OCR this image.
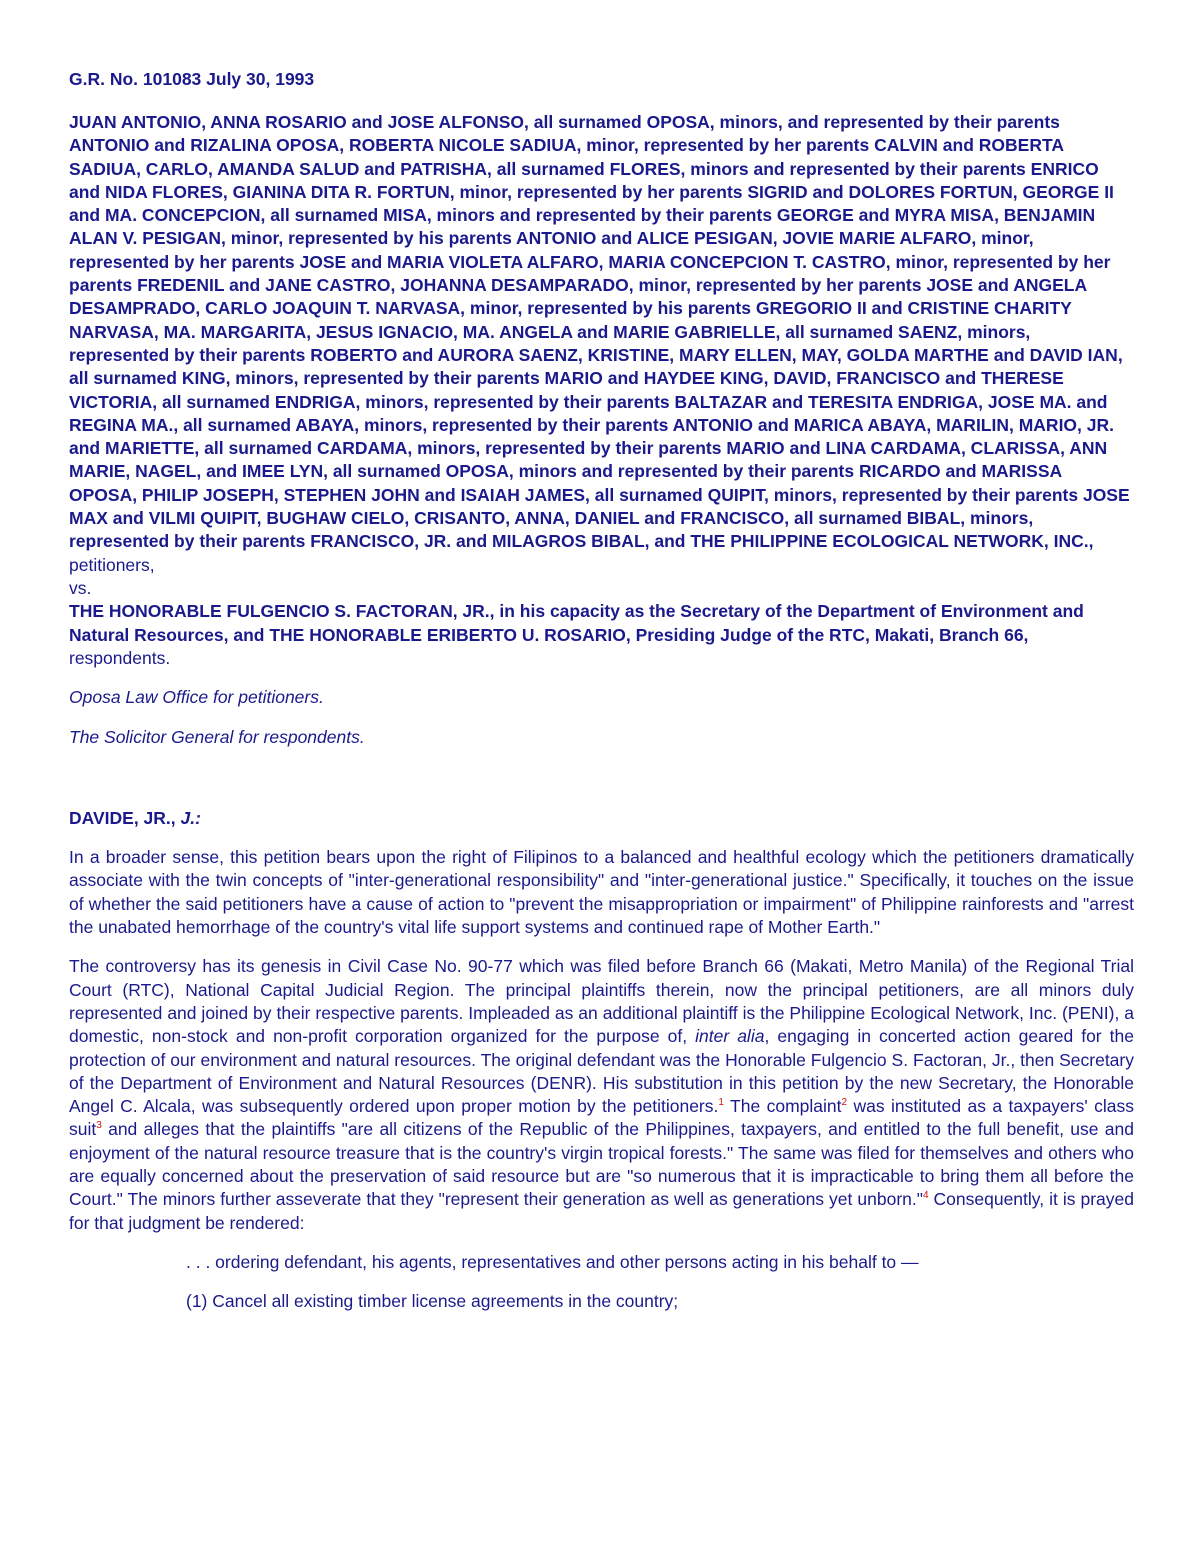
G.R. No. 101083 July 30, 1993

JUAN ANTONIO, ANNA ROSARIO and JOSE ALFONSO, all surnamed OPOSA, minors, and represented by their parents ANTONIO and RIZALINA OPOSA, ROBERTA NICOLE SADIUA, minor, represented by her parents CALVIN and ROBERTA SADIUA, CARLO, AMANDA SALUD and PATRISHA, all surnamed FLORES, minors and represented by their parents ENRICO and NIDA FLORES, GIANINA DITA R. FORTUN, minor, represented by her parents SIGRID and DOLORES FORTUN, GEORGE II and MA. CONCEPCION, all surnamed MISA, minors and represented by their parents GEORGE and MYRA MISA, BENJAMIN ALAN V. PESIGAN, minor, represented by his parents ANTONIO and ALICE PESIGAN, JOVIE MARIE ALFARO, minor, represented by her parents JOSE and MARIA VIOLETA ALFARO, MARIA CONCEPCION T. CASTRO, minor, represented by her parents FREDENIL and JANE CASTRO, JOHANNA DESAMPARADO, minor, represented by her parents JOSE and ANGELA DESAMPRADO, CARLO JOAQUIN T. NARVASA, minor, represented by his parents GREGORIO II and CRISTINE CHARITY NARVASA, MA. MARGARITA, JESUS IGNACIO, MA. ANGELA and MARIE GABRIELLE, all surnamed SAENZ, minors, represented by their parents ROBERTO and AURORA SAENZ, KRISTINE, MARY ELLEN, MAY, GOLDA MARTHE and DAVID IAN, all surnamed KING, minors, represented by their parents MARIO and HAYDEE KING, DAVID, FRANCISCO and THERESE VICTORIA, all surnamed ENDRIGA, minors, represented by their parents BALTAZAR and TERESITA ENDRIGA, JOSE MA. and REGINA MA., all surnamed ABAYA, minors, represented by their parents ANTONIO and MARICA ABAYA, MARILIN, MARIO, JR. and MARIETTE, all surnamed CARDAMA, minors, represented by their parents MARIO and LINA CARDAMA, CLARISSA, ANN MARIE, NAGEL, and IMEE LYN, all surnamed OPOSA, minors and represented by their parents RICARDO and MARISSA OPOSA, PHILIP JOSEPH, STEPHEN JOHN and ISAIAH JAMES, all surnamed QUIPIT, minors, represented by their parents JOSE MAX and VILMI QUIPIT, BUGHAW CIELO, CRISANTO, ANNA, DANIEL and FRANCISCO, all surnamed BIBAL, minors, represented by their parents FRANCISCO, JR. and MILAGROS BIBAL, and THE PHILIPPINE ECOLOGICAL NETWORK, INC., petitioners,
vs.
THE HONORABLE FULGENCIO S. FACTORAN, JR., in his capacity as the Secretary of the Department of Environment and Natural Resources, and THE HONORABLE ERIBERTO U. ROSARIO, Presiding Judge of the RTC, Makati, Branch 66, respondents.

Oposa Law Office for petitioners.

The Solicitor General for respondents.

DAVIDE, JR., J.:

In a broader sense, this petition bears upon the right of Filipinos to a balanced and healthful ecology which the petitioners dramatically associate with the twin concepts of "inter-generational responsibility" and "inter-generational justice." Specifically, it touches on the issue of whether the said petitioners have a cause of action to "prevent the misappropriation or impairment" of Philippine rainforests and "arrest the unabated hemorrhage of the country's vital life support systems and continued rape of Mother Earth."

The controversy has its genesis in Civil Case No. 90-77 which was filed before Branch 66 (Makati, Metro Manila) of the Regional Trial Court (RTC), National Capital Judicial Region. The principal plaintiffs therein, now the principal petitioners, are all minors duly represented and joined by their respective parents. Impleaded as an additional plaintiff is the Philippine Ecological Network, Inc. (PENI), a domestic, non-stock and non-profit corporation organized for the purpose of, inter alia, engaging in concerted action geared for the protection of our environment and natural resources. The original defendant was the Honorable Fulgencio S. Factoran, Jr., then Secretary of the Department of Environment and Natural Resources (DENR). His substitution in this petition by the new Secretary, the Honorable Angel C. Alcala, was subsequently ordered upon proper motion by the petitioners.$^1$ The complaint$^2$ was instituted as a taxpayers' class suit$^3$ and alleges that the plaintiffs "are all citizens of the Republic of the Philippines, taxpayers, and entitled to the full benefit, use and enjoyment of the natural resource treasure that is the country's virgin tropical forests." The same was filed for themselves and others who are equally concerned about the preservation of said resource but are "so numerous that it is impracticable to bring them all before the Court." The minors further asseverate that they "represent their generation as well as generations yet unborn."$^4$ Consequently, it is prayed for that judgment be rendered:

. . . ordering defendant, his agents, representatives and other persons acting in his behalf to —

(1) Cancel all existing timber license agreements in the country;
